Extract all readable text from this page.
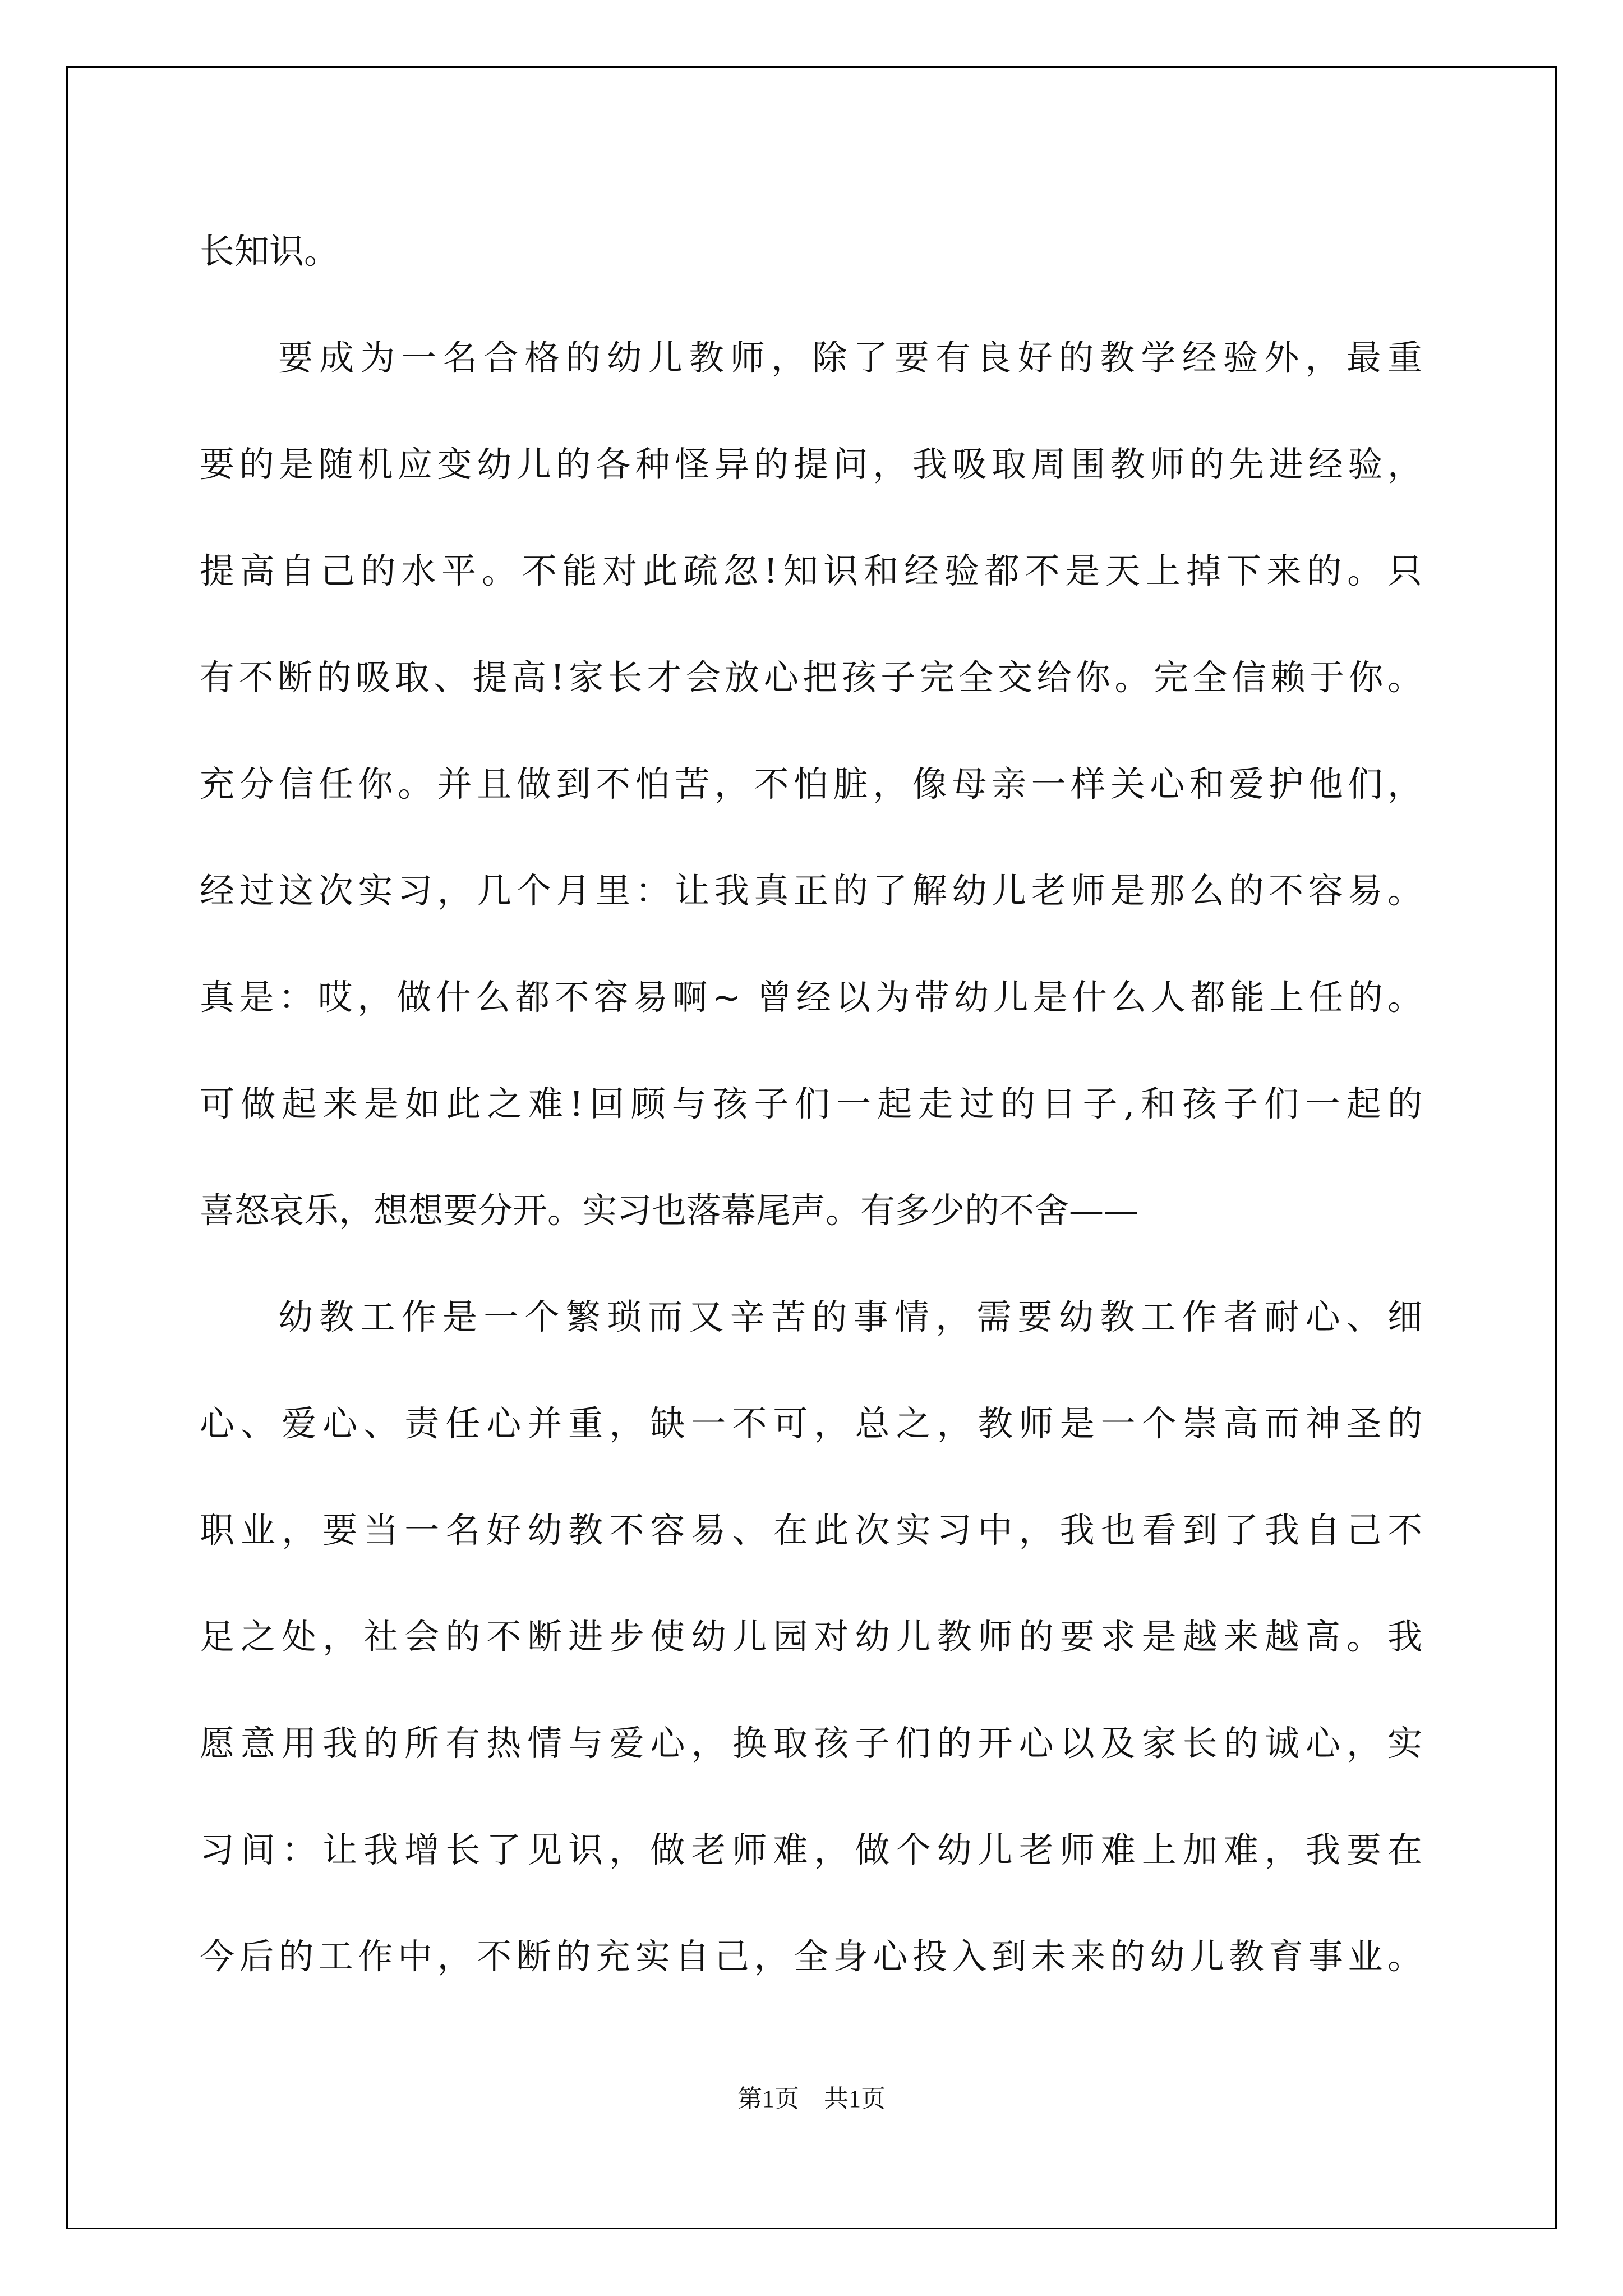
长知识。
要成为一名合格的幼儿教师，除了要有良好的教学经验外，最重
要的是随机应变幼儿的各种怪异的提问，我吸取周围教师的先进经验，
提高自己的水平。不能对此疏忽!知识和经验都不是天上掉下来的。只
有不断的吸取、提高!家长才会放心把孩子完全交给你。完全信赖于你。
充分信任你。并且做到不怕苦，不怕脏，像母亲一样关心和爱护他们，
经过这次实习，几个月里：让我真正的了解幼儿老师是那么的不容易。
真是：哎，做什么都不容易啊~ 曾经以为带幼儿是什么人都能上任的。
可做起来是如此之难!回顾与孩子们一起走过的日子,和孩子们一起的
喜怒哀乐，想想要分开。实习也落幕尾声。有多少的不舍——
幼教工作是一个繁琐而又辛苦的事情，需要幼教工作者耐心、细
心、爱心、责任心并重，缺一不可，总之，教师是一个崇高而神圣的
职业，要当一名好幼教不容易、在此次实习中，我也看到了我自己不
足之处，社会的不断进步使幼儿园对幼儿教师的要求是越来越高。我
愿意用我的所有热情与爱心，换取孩子们的开心以及家长的诚心，实
习间：让我增长了见识，做老师难，做个幼儿老师难上加难，我要在
今后的工作中，不断的充实自己，全身心投入到未来的幼儿教育事业。
第1页　共1页
